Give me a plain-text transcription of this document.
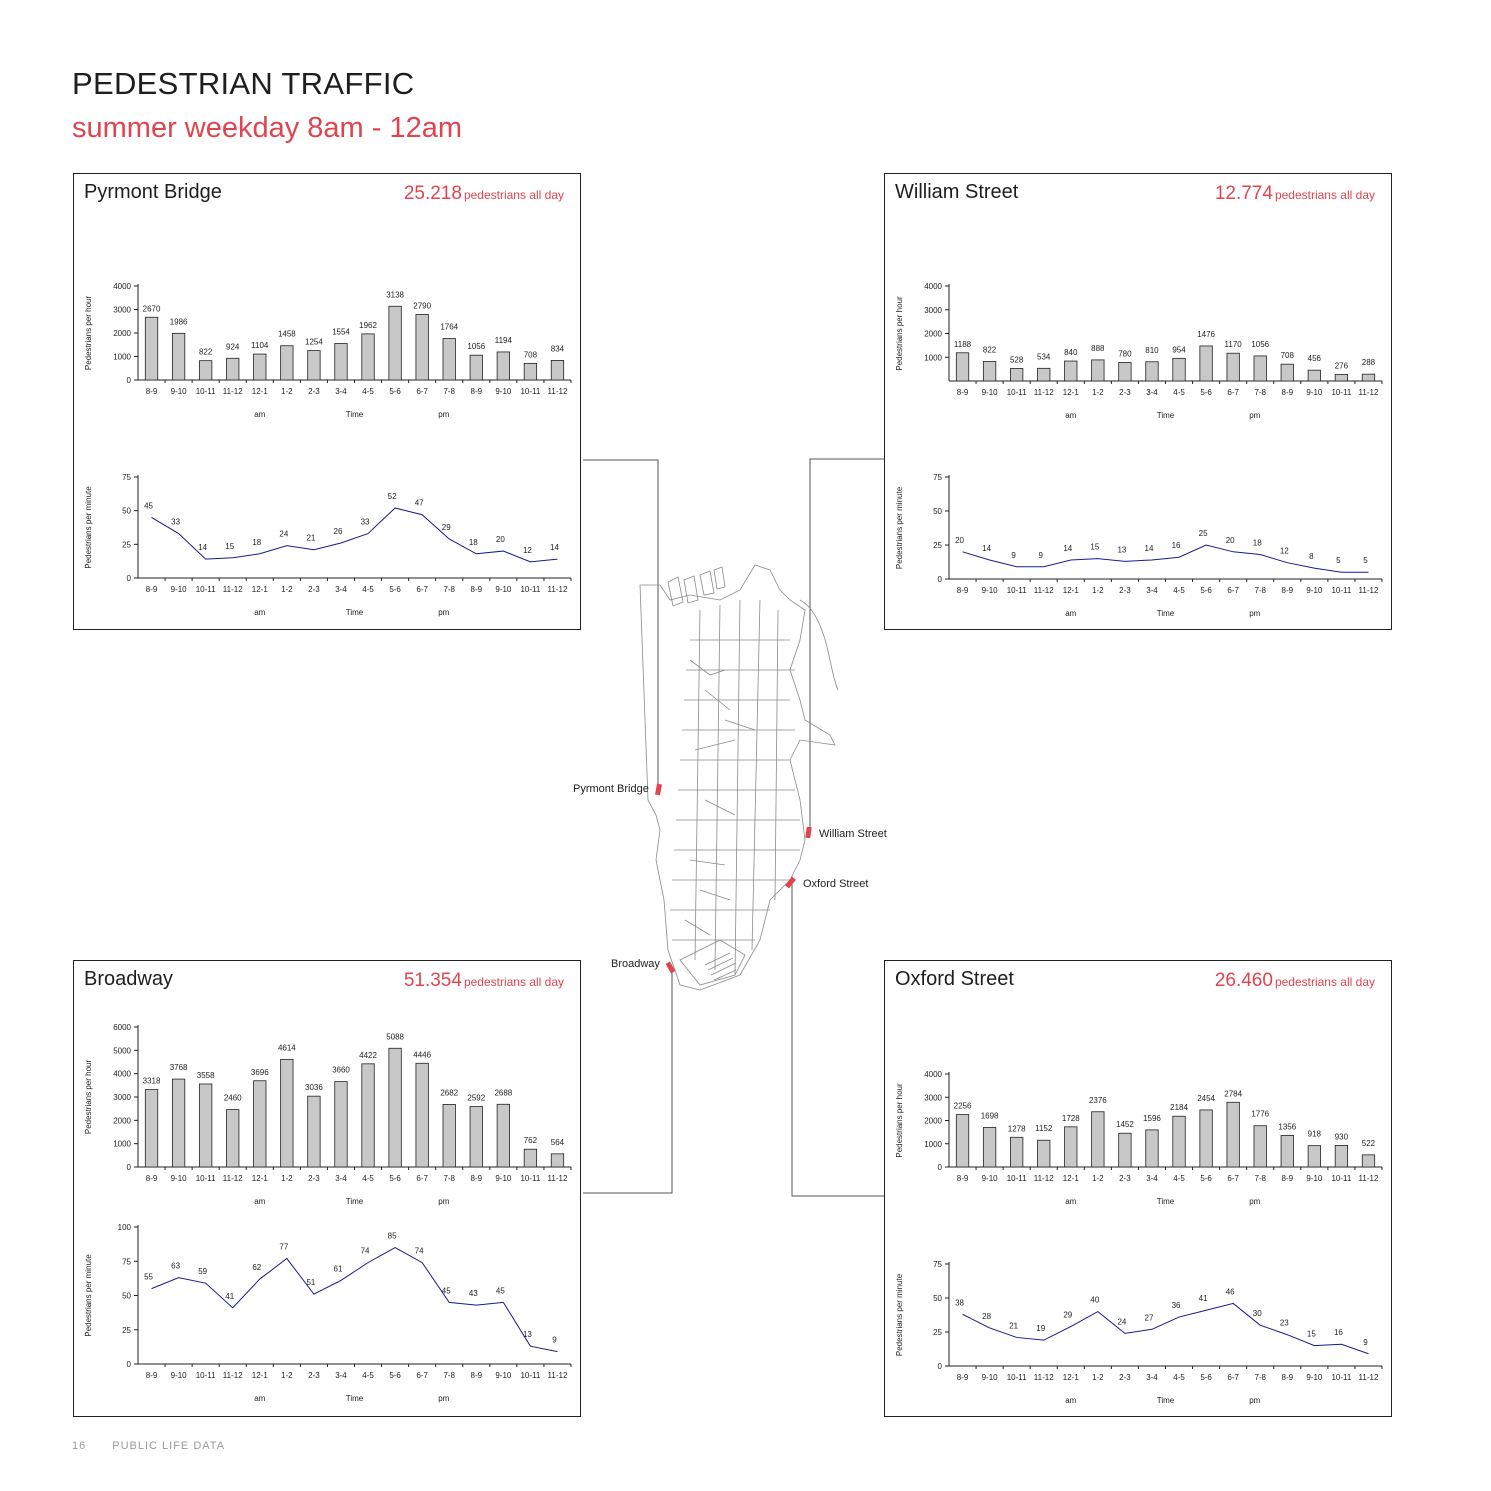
PEDESTRIAN TRAFFIC
summer weekday 8am - 12am
Pyrmont Bridge
William Street
Oxford Street
Broadway
0
1000
2000
3000
4000
8-9 9-10 10-11 11-12 12-1 1-2 2-3 3-4 4-5 5-6 6-7 7-8 8-9 9-10 10-11 11-12
am	Time	pm
Pedestrians per hour	2670
1986
822
924 1104
1458
1254
1554
1962
3138
2790
1764
1056
1194
708
834
0
25
50
75
8-9 9-10 10-11 11-12 12-1 1-2 2-3 3-4 4-5 5-6 6-7 7-8 8-9 9-10 10-11 11-12
am	Time	pm
Pedestrians per minute	45
33
14 15 18
24 21
26
33
52
47
29
18 20
12 14
Pyrmont Bridge	25.218 pedestrians all day
1000
2000
3000
4000
8-9 9-10 10-11 11-12 12-1 1-2 2-3 3-4 4-5 5-6 6-7 7-8 8-9 9-10 10-11 11-12
am	Time	pm
Pedestrians per hour	1188
822
528 534 840 888
780 810 954
1476
1170 1056
708 456
276 288
0
25
50
75
8-9 9-10 10-11 11-12 12-1 1-2 2-3 3-4 4-5 5-6 6-7 7-8 8-9 9-10 10-11 11-12
am	Time	pm
Pedestrians per minute	20
14
9	9
14 15 13 14 16
25
20 18
12
8	5	5
William Street	12.774 pedestrians all day
0
1000
2000
3000
4000
5000
6000
8-9 9-10 10-11 11-12 12-1 1-2 2-3 3-4 4-5 5-6 6-7 7-8 8-9 9-10 10-11 11-12
am	Time	pm
Pedestrians per hour	3318
3768
3558
2460
3696
4614
3036
3660
4422
5088
4446
2682
2592
2688
762 564
0
25
50
75
100
8-9 9-10 10-11 11-12 12-1 1-2 2-3 3-4 4-5 5-6 6-7 7-8 8-9 9-10 10-11 11-12
am	Time	pm
Pedestrians per minute	55
63
59
41
62
77
51
61
74
85
74
45 43 45
13
9
Broadway	51.354 pedestrians all day
0
1000
2000
3000
4000
8-9 9-10 10-11 11-12 12-1 1-2 2-3 3-4 4-5 5-6 6-7 7-8 8-9 9-10 10-11 11-12
am	Time	pm
Pedestrians per hour	2256
1698
1278 1152
1728
2376
1452
1596
2184
2454
2784
1776
1356
918 930
522
0
25
50
75
8-9 9-10 10-11 11-12 12-1 1-2 2-3 3-4 4-5 5-6 6-7 7-8 8-9 9-10 10-11 11-12
am	Time	pm
Pedestrians per minute	38
28
21 19
29
40
24 27
36
41
46
30
23
15 16
9
Oxford Street	26.460 pedestrians all day
16 PUBLIC LIFE DATA
